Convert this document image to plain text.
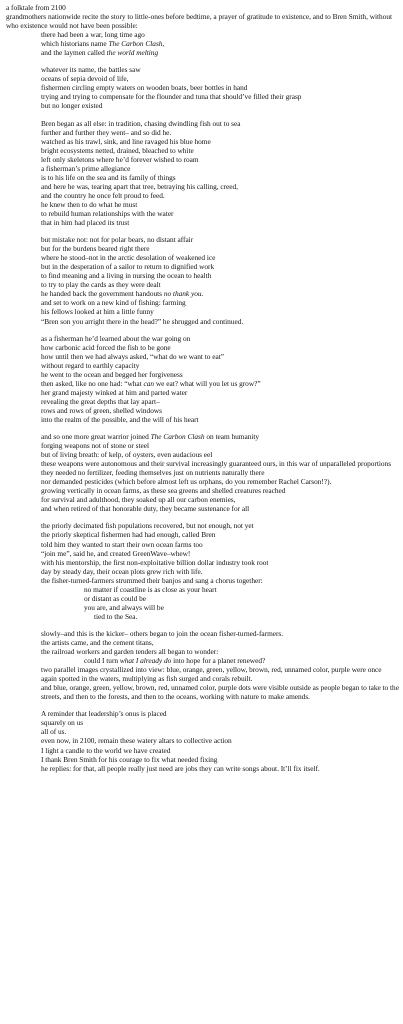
a folktale from 2100
grandmothers nationwide recite the story to little-ones before bedtime, a prayer of gratitude to existence, and to Bren Smith, without who existence would not have been possible:
there had been a war, long time ago
which historians name The Carbon Clash,
and the laymen called the world melting
whatever its name, the battles saw
oceans of sepia devoid of life,
fishermen circling empty waters on wooden boats, beer bottles in hand
trying and trying to compensate for the flounder and tuna that should’ve filled their grasp
but no longer existed
Bren began as all else: in tradition, chasing dwindling fish out to sea
further and further they went– and so did he.
watched as his trawl, sink, and line ravaged his blue home
bright ecosystems netted, drained, bleached to white
left only skeletons where he’d forever wished to roam
a fisherman’s prime allegiance
is to his life on the sea and its family of things
and here he was, tearing apart that tree, betraying his calling, creed,
and the country he once felt proud to feed.
he knew then to do what he must
to rebuild human relationships with the water
that in him had placed its trust
but mistake not: not for polar bears, no distant affair
but for the burdens beared right there
where he stood–not in the arctic desolation of weakened ice
but in the desperation of a sailor to return to dignified work
to find meaning and a living in nursing the ocean to health
to try to play the cards as they were dealt
he handed back the government handouts no thank you.
and set to work on a new kind of fishing: farming
his fellows looked at him a little funny
“Bren son you arright there in the head?” he shrugged and continued.
as a fisherman he’d learned about the war going on
how carbonic acid forced the fish to be gone
how until then we had always asked, “what do we want to eat”
without regard to earthly capacity
he went to the ocean and begged her forgiveness
then asked, like no one had: “what can we eat? what will you let us grow?”
her grand majesty winked at him and parted water
revealing the great depths that lay apart–
rows and rows of green, shelled windows
into the realm of the possible, and the will of his heart
and so one more great warrior joined The Carbon Clash on team humanity
forging weapons not of stone or steel
but of living breath: of kelp, of oysters, even audacious eel
these weapons were autonomous and their survival increasingly guaranteed ours, in this war of unparalleled proportions
they needed no fertilizer, feeding themselves just on nutrients naturally there
nor demanded pesticides (which before almost left us orphans, do you remember Rachel Carson!?).
growing vertically in ocean farms, as these sea greens and shelled creatures reached
for survival and adulthood, they soaked up all our carbon enemies,
and when retired of that honorable duty, they became sustenance for all
the priorly decimated fish populations recovered, but not enough, not yet
the priorly skeptical fishermen had had enough, called Bren
told him they wanted to start their own ocean farms too
“join me”, said he, and created GreenWave–whew!
with his mentorship, the first non-exploitative billion dollar industry took root
day by steady day, their ocean plots grew rich with life.
the fisher-turned-farmers strummed their banjos and sang a chorus together:
no matter if coastline is as close as your heart
or distant as could be
you are, and always will be
tied to the Sea.
slowly–and this is the kicker– others began to join the ocean fisher-turned-farmers.
the artists came, and the cement titans,
the railroad workers and garden tenders all began to wonder:
could I turn what I already do into hope for a planet renewed?
two parallel images crystallized into view: blue, orange, green, yellow, brown, red, unnamed color, purple were once again spotted in the waters, multiplying as fish surged and corals rebuilt.
and blue, orange, green, yellow, brown, red, unnamed color, purple dots were visible outside as people began to take to the streets, and then to the forests, and then to the oceans, working with nature to make amends.
A reminder that leadership’s onus is placed
squarely on us
all of us.
even now, in 2100, remain these watery altars to collective action
I light a candle to the world we have created
I thank Bren Smith for his courage to fix what needed fixing
he replies: for that, all people really just need are jobs they can write songs about. It’ll fix itself.
